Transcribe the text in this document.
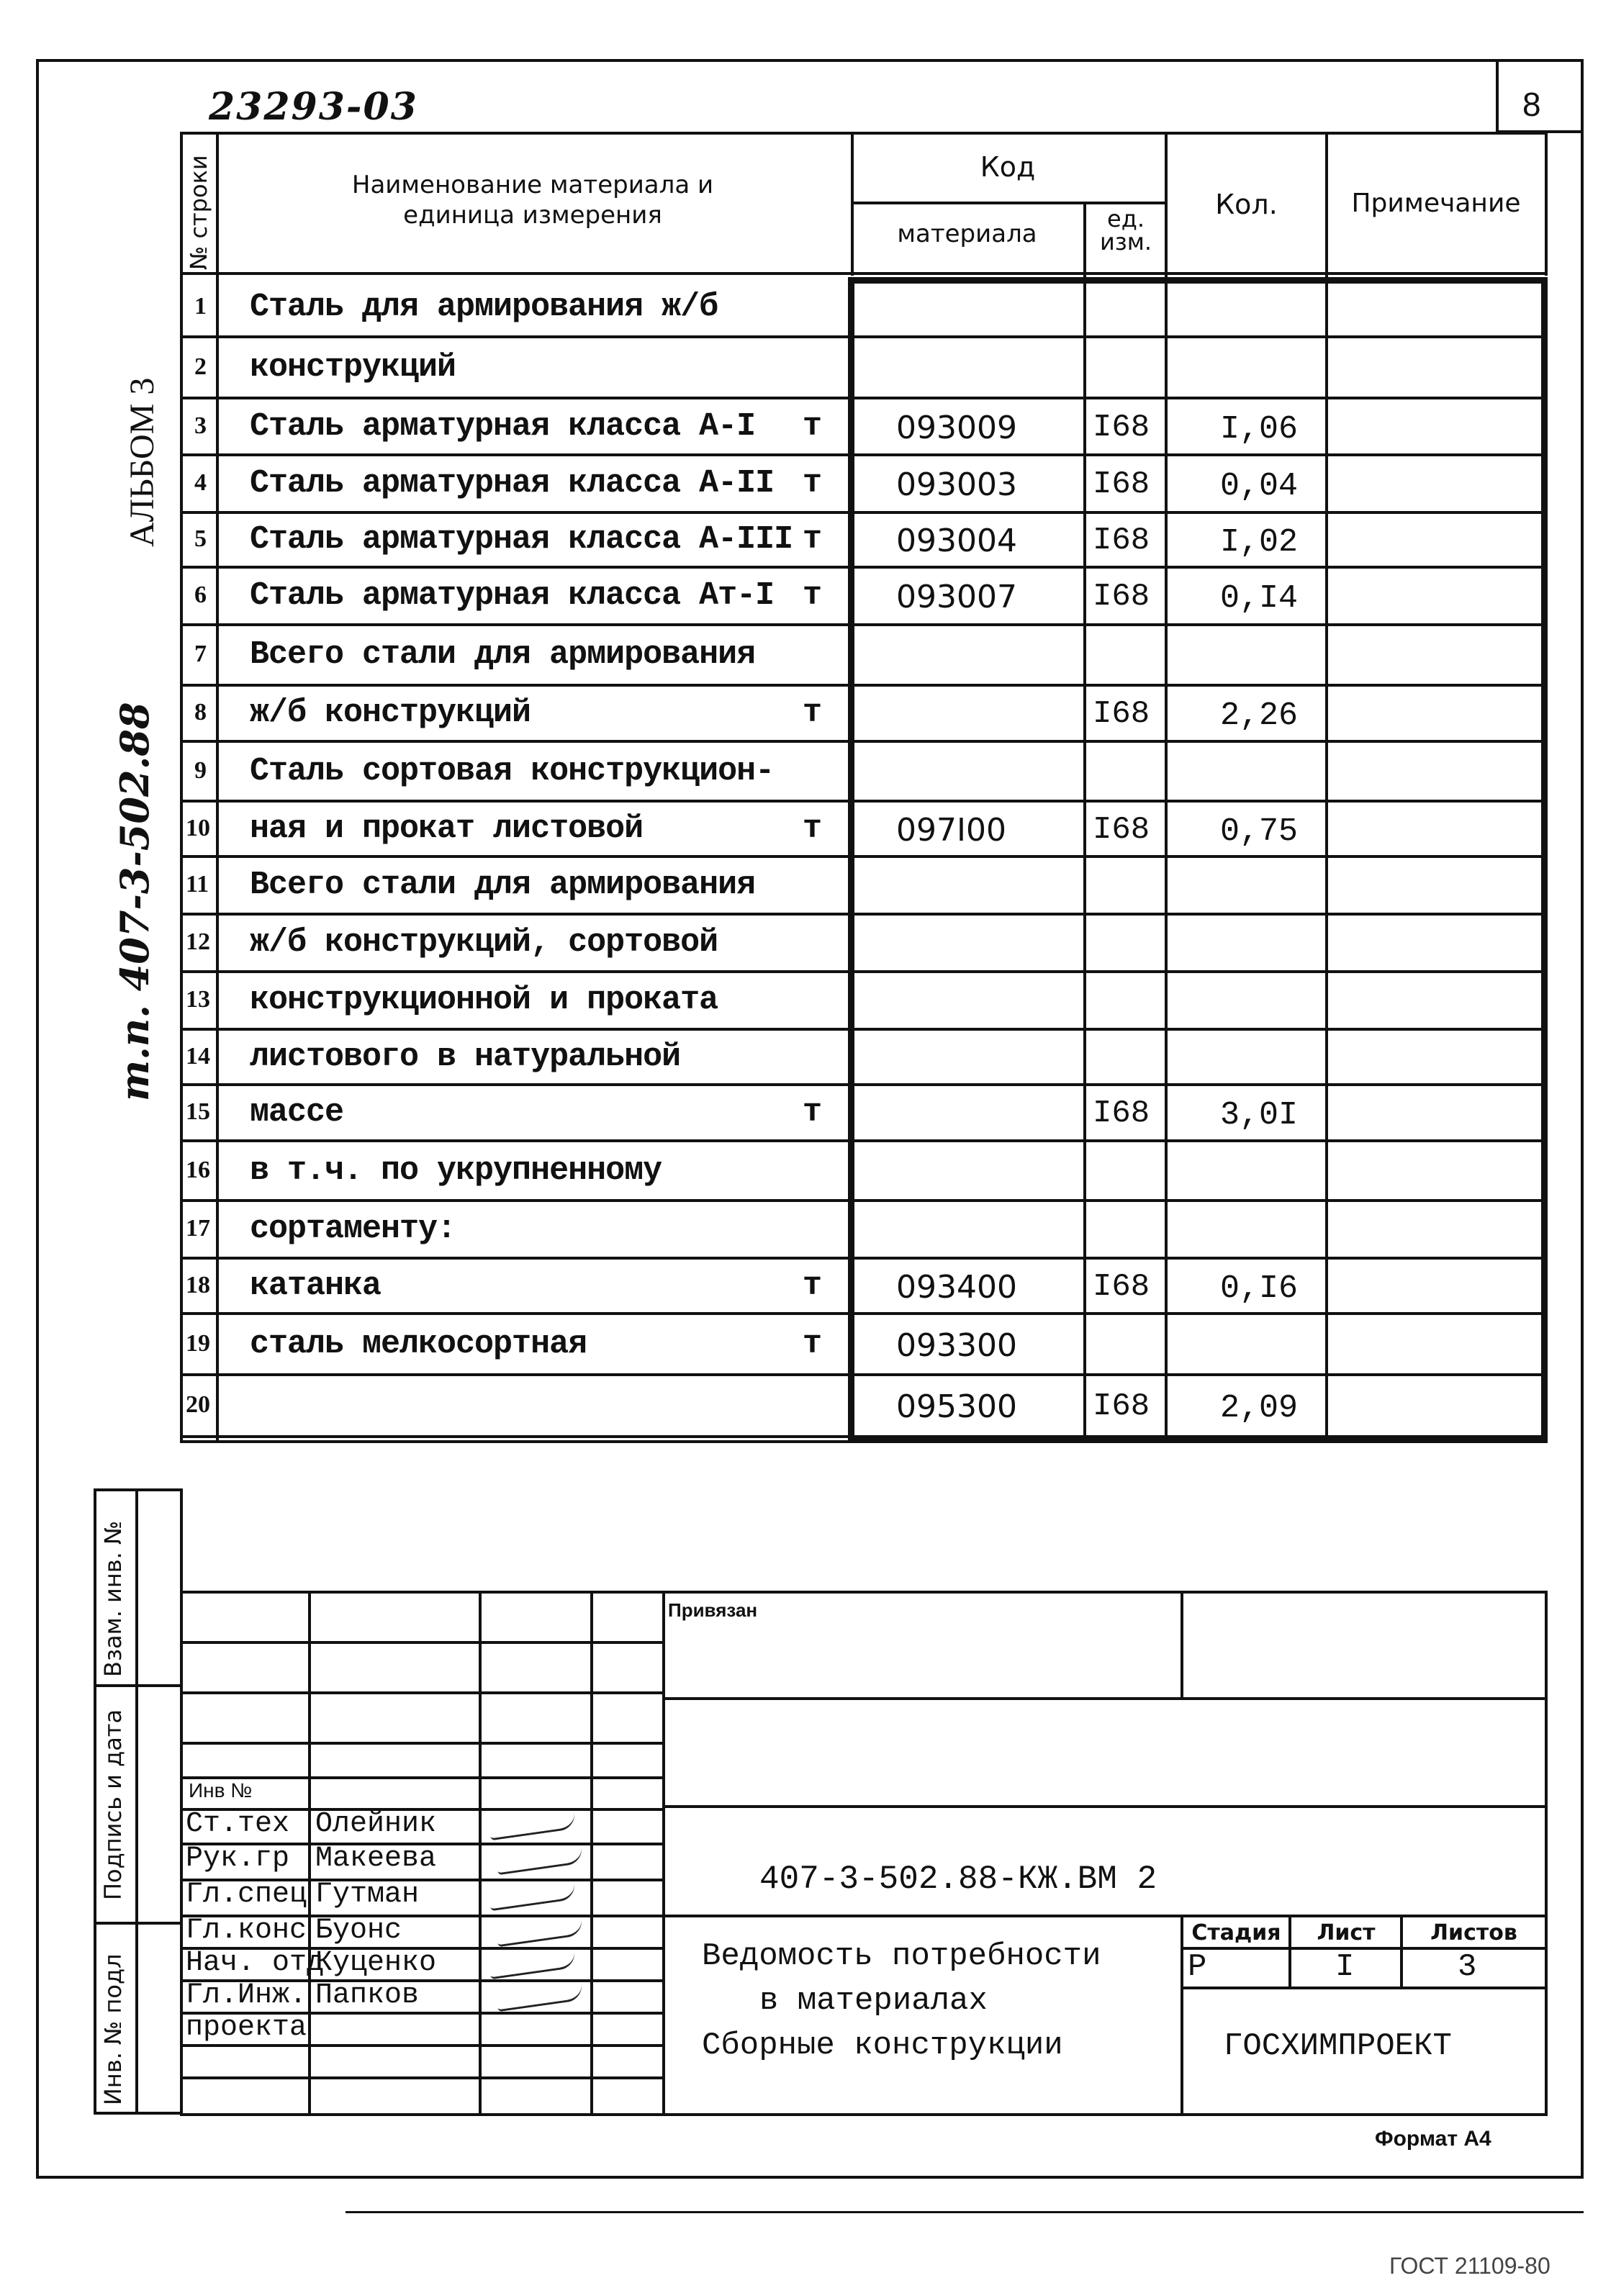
8
23293-03
АЛЬБОМ 3
т.п. 407-3-502.88
№ строки	Наименование материала и единица измерения
Код
материала
ед. изм.
Кол.	Примечание
1 Сталь для армирования ж/б
2 конструкций
3 Сталь арматурная класса А-I т 093009 I68 I,06
4 Сталь арматурная класса А-II т 093003 I68 0,04
5 Сталь арматурная класса А-III т 093004 I68 I,02
6 Сталь арматурная класса Ат-I т 093007 I68 0,I4
7 Всего стали для армирования
8 ж/б конструкций	т	I68 2,26
9 Сталь сортовая конструкцион-
10 ная и прокат листовой	т 097I00	I68 0,75
11 Всего стали для армирования
12 ж/б конструкций, сортовой
13 конструкционной и проката
14 листового в натуральной
15 массе	т	I68 3,0I
16 в т.ч. по укрупненному
17 сортаменту:
18 катанка	т 093400 I68 0,I6
19 сталь мелкосортная	т 093300
20	095300 I68 2,09
Взам. инв. №
Подпись и дата
Инв. № подл
Привязан
Инв №
Ст.тех Олейник
Рук.гр Макеева
Гл.спец Гутман
Гл.конс Буонс
Нач. отд
Куценко
Гл.Инж. Папков
проекта
407-3-502.88-КЖ.ВМ 2
Ведомость потребности
в материалах
Сборные конструкции
Стадия	Лист	Листов
Р	I	3
ГОСХИМПРОЕКТ
Формат А4
ГОСТ 21109-80
